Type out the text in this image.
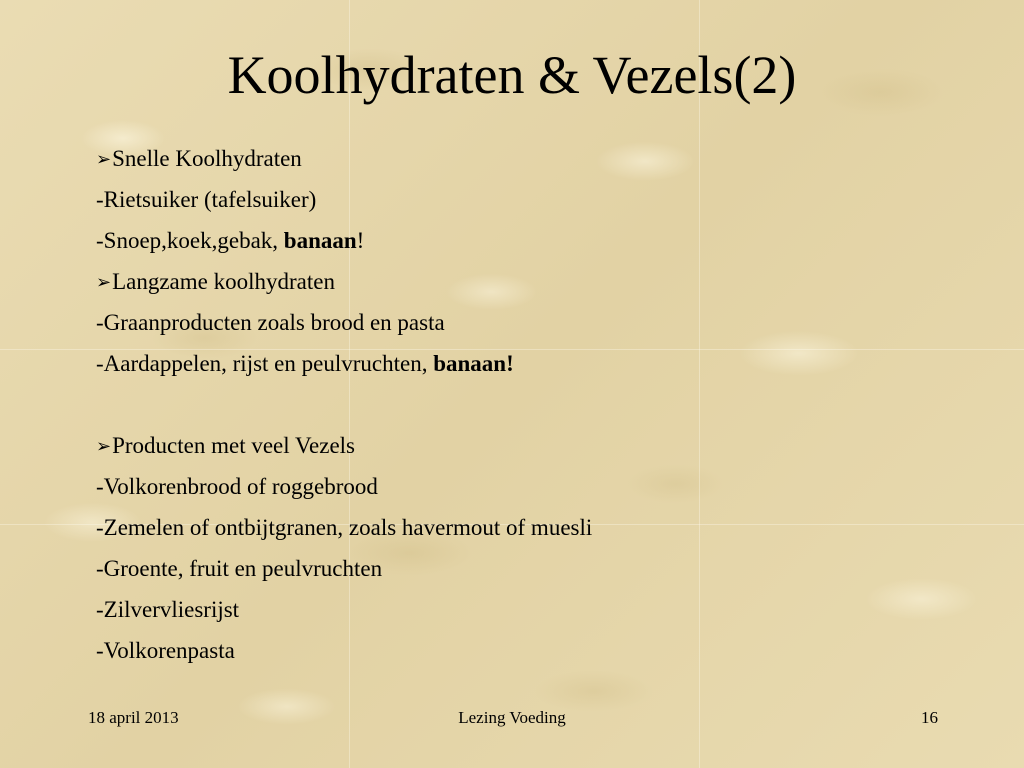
Koolhydraten & Vezels(2)
➢Snelle Koolhydraten
-Rietsuiker (tafelsuiker)
-Snoep,koek,gebak, banaan!
➢Langzame koolhydraten
-Graanproducten zoals brood en pasta
-Aardappelen, rijst en peulvruchten, banaan!
➢Producten met veel Vezels
-Volkorenbrood of roggebrood
-Zemelen of ontbijtgranen, zoals havermout of muesli
-Groente, fruit en peulvruchten
-Zilvervliesrijst
-Volkorenpasta
18 april 2013	Lezing Voeding	16
